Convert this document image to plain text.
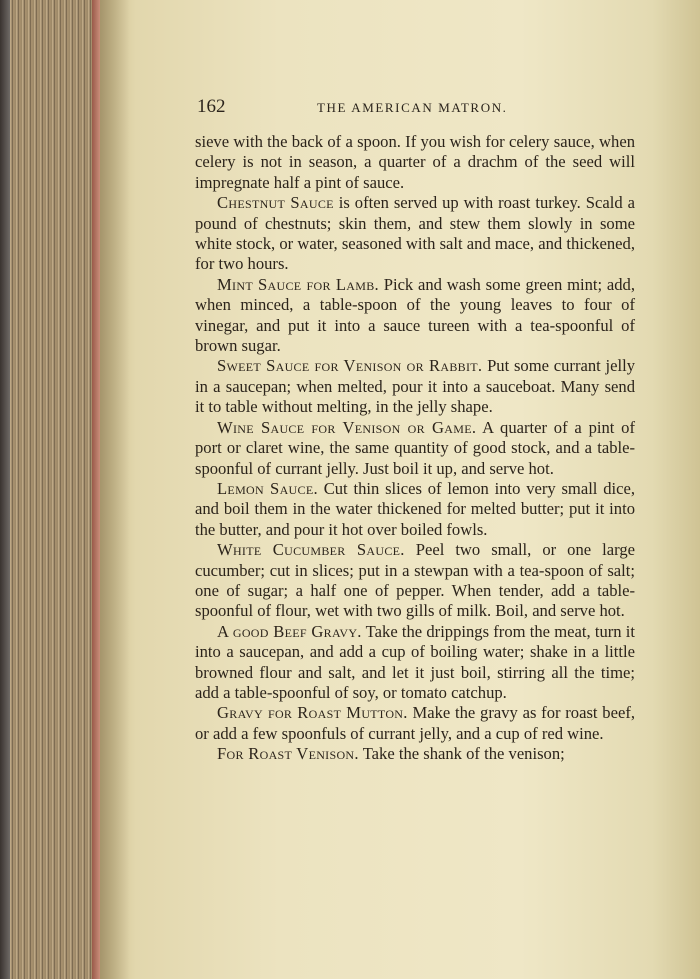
162	THE AMERICAN MATRON.

sieve with the back of a spoon. If you wish for celery sauce, when celery is not in season, a quarter of a drachm of the seed will impregnate half a pint of sauce.

Chestnut Sauce is often served up with roast turkey. Scald a pound of chestnuts; skin them, and stew them slowly in some white stock, or water, seasoned with salt and mace, and thickened, for two hours.

Mint Sauce for Lamb. Pick and wash some green mint; add, when minced, a table-spoon of the young leaves to four of vinegar, and put it into a sauce tureen with a tea-spoonful of brown sugar.

Sweet Sauce for Venison or Rabbit. Put some currant jelly in a saucepan; when melted, pour it into a sauceboat. Many send it to table without melting, in the jelly shape.

Wine Sauce for Venison or Game. A quarter of a pint of port or claret wine, the same quantity of good stock, and a table-spoonful of currant jelly. Just boil it up, and serve hot.

Lemon Sauce. Cut thin slices of lemon into very small dice, and boil them in the water thickened for melted butter; put it into the butter, and pour it hot over boiled fowls.

White Cucumber Sauce. Peel two small, or one large cucumber; cut in slices; put in a stewpan with a tea-spoon of salt; one of sugar; a half one of pepper. When tender, add a table-spoonful of flour, wet with two gills of milk. Boil, and serve hot.

A good Beef Gravy. Take the drippings from the meat, turn it into a saucepan, and add a cup of boiling water; shake in a little browned flour and salt, and let it just boil, stirring all the time; add a table-spoonful of soy, or tomato catchup.

Gravy for Roast Mutton. Make the gravy as for roast beef, or add a few spoonfuls of currant jelly, and a cup of red wine.

For Roast Venison. Take the shank of the venison;
